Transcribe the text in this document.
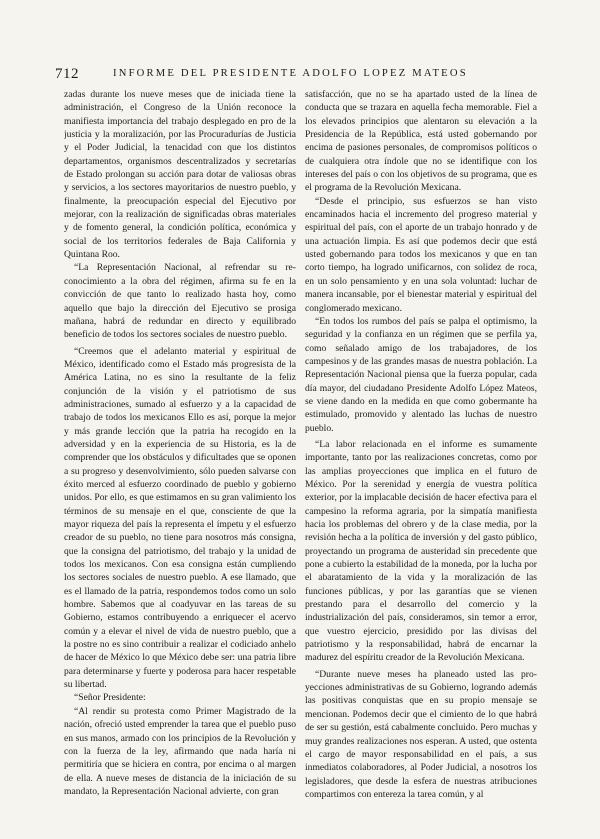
712	INFORME DEL PRESIDENTE ADOLFO LOPEZ MATEOS

zadas durante los nueve meses que de iniciada tiene la administración, el Congreso de la Unión reconoce la manifiesta importancia del trabajo desplegado en pro de la justicia y la moralización, por las Procuradurías de Justicia y el Poder Judicial, la tenacidad con que los distintos departamentos, organismos descentralizados y secretarías de Estado prolongan su acción para dotar de valiosas obras y servicios, a los sectores mayoritarios de nuestro pueblo, y finalmente, la preocupación especial del Ejecutivo por mejorar, con la realización de significadas obras materiales y de fomento general, la condición política, económica y social de los territorios federales de Baja California y Quintana Roo.

“La Representación Nacional, al refrendar su reconocimiento a la obra del régimen, afirma su fe en la convicción de que tanto lo realizado hasta hoy, como aquello que bajo la dirección del Ejecutivo se prosiga mañana, habrá de redundar en directo y equilibrado beneficio de todos los sectores sociales de nuestro pueblo.

“Creemos que el adelanto material y espiritual de México, identificado como el Estado más progresista de la América Latina, no es sino la resultante de la feliz conjunción de la visión y el patriotismo de sus administraciones, sumado al esfuerzo y a la capacidad de trabajo de todos los mexicanos Ello es así, porque la mejor y más grande lección que la patria ha recogido en la adversidad y en la experiencia de su Historia, es la de comprender que los obstáculos y dificultades que se oponen a su progreso y desenvolvimiento, sólo pueden salvarse con éxito merced al esfuerzo coordinado de pueblo y gobierno unidos. Por ello, es que estimamos en su gran valimiento los términos de su mensaje en el que, consciente de que la mayor riqueza del país la representa el ímpetu y el esfuerzo creador de su pueblo, no tiene para nosotros más consigna, que la consigna del patriotismo, del trabajo y la unidad de todos los mexicanos. Con esa consigna están cumpliendo los sectores sociales de nuestro pueblo. A ese llamado, que es el llamado de la patria, respondemos todos como un solo hombre. Sabemos que al coadyuvar en las tareas de su Gobierno, estamos contribuyendo a enriquecer el acervo común y a elevar el nivel de vida de nuestro pueblo, que a la postre no es sino contribuir a realizar el codiciado anhelo de hacer de México lo que México debe ser: una patria libre para determinarse y fuerte y poderosa para hacer respetable su libertad.

“Señor Presidente:

“Al rendir su protesta como Primer Magistrado de la nación, ofreció usted emprender la tarea que el pueblo puso en sus manos, armado con los principios de la Revolución y con la fuerza de la ley, afirmando que nada haría ni permitiría que se hiciera en contra, por encima o al margen de ella. A nueve meses de distancia de la iniciación de su mandato, la Representación Nacional advierte, con gran

satisfacción, que no se ha apartado usted de la línea de conducta que se trazara en aquella fecha memorable. Fiel a los elevados principios que alentaron su elevación a la Presidencia de la República, está usted gobernando por encima de pasiones personales, de compromisos políticos o de cualquiera otra índole que no se identifique con los intereses del país o con los objetivos de su programa, que es el programa de la Revolución Mexicana.

“Desde el principio, sus esfuerzos se han visto encaminados hacia el incremento del progreso material y espiritual del país, con el aporte de un trabajo honrado y de una actuación limpia. Es así que podemos decir que está usted gobernando para todos los mexicanos y que en tan corto tiempo, ha logrado unificarnos, con solidez de roca, en un solo pensamiento y en una sola voluntad: luchar de manera incansable, por el bienestar material y espiritual del conglomerado mexicano.

“En todos los rumbos del país se palpa el optimismo, la seguridad y la confianza en un régimen que se perfila ya, como señalado amigo de los trabajadores, de los campesinos y de las grandes masas de nuestra población. La Representación Nacional piensa que la fuerza popular, cada día mayor, del ciudadano Presidente Adolfo López Mateos, se viene dando en la medida en que como gobermante ha estimulado, promovido y alentado las luchas de nuestro pueblo.

“La labor relacionada en el informe es sumamente importante, tanto por las realizaciones concretas, como por las amplias proyecciones que implica en el futuro de México. Por la serenidad y energía de vuestra política exterior, por la implacable decisión de hacer efectiva para el campesino la reforma agraria, por la simpatía manifiesta hacia los problemas del obrero y de la clase media, por la revisión hecha a la política de inversión y del gasto público, proyectando un programa de austeridad sin precedente que pone a cubierto la estabilidad de la moneda, por la lucha por el abaratamiento de la vida y la moralización de las funciones públicas, y por las garantías que se vienen prestando para el desarrollo del comercio y la industrialización del país, consideramos, sin temor a error, que vuestro ejercicio, presidido por las divisas del patriotismo y la responsabilidad, habrá de encarnar la madurez del espíritu creador de la Revolución Mexicana.

“Durante nueve meses ha planeado usted las proyecciones administrativas de su Gobierno, logrando además las positivas conquistas que en su propio mensaje se mencionan. Podemos decir que el cimiento de lo que habrá de ser su gestión, está cabalmente concluido. Pero muchas y muy grandes realizaciones nos esperan. A usted, que ostenta el cargo de mayor responsabilidad en el país, a sus inmediatos colaboradores, al Poder Judicial, a nosotros los legisladores, que desde la esfera de nuestras atribuciones compartimos con entereza la tarea común, y al
